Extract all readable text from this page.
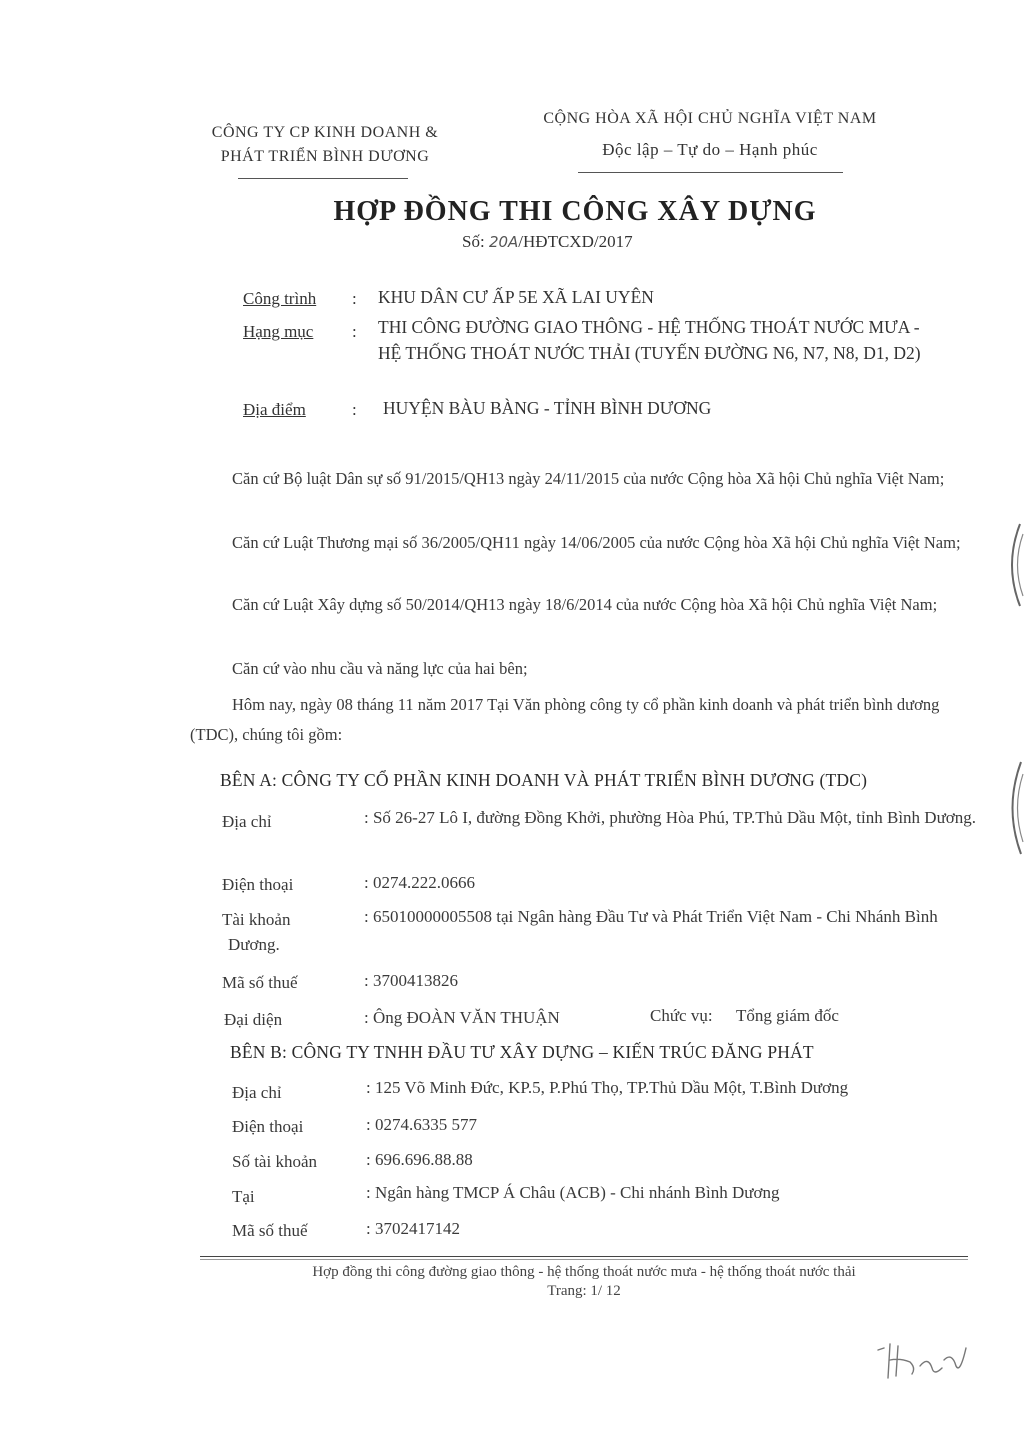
CÔNG TY CP KINH DOANH &
PHÁT TRIỂN BÌNH DƯƠNG
CỘNG HÒA XÃ HỘI CHỦ NGHĨA VIỆT NAM
Độc lập – Tự do – Hạnh phúc
HỢP ĐỒNG THI CÔNG XÂY DỰNG
Số: 20A/HĐTCXD/2017
Công trình : KHU DÂN CƯ ẤP 5E XÃ LAI UYÊN
Hạng mục : THI CÔNG ĐƯỜNG GIAO THÔNG - HỆ THỐNG THOÁT NƯỚC MƯA - HỆ THỐNG THOÁT NƯỚC THẢI (TUYẾN ĐƯỜNG N6, N7, N8, D1, D2)
Địa điểm	: HUYỆN BÀU BÀNG - TỈNH BÌNH DƯƠNG
Căn cứ Bộ luật Dân sự số 91/2015/QH13 ngày 24/11/2015 của nước Cộng hòa Xã hội Chủ nghĩa Việt Nam;
Căn cứ Luật Thương mại số 36/2005/QH11 ngày 14/06/2005 của nước Cộng hòa Xã hội Chủ nghĩa Việt Nam;
Căn cứ Luật Xây dựng số 50/2014/QH13 ngày 18/6/2014 của nước Cộng hòa Xã hội Chủ nghĩa Việt Nam;
Căn cứ vào nhu cầu và năng lực của hai bên;
Hôm nay, ngày 08 tháng 11 năm 2017 Tại Văn phòng công ty cổ phần kinh doanh và phát triển bình dương (TDC), chúng tôi gồm:
BÊN A: CÔNG TY CỔ PHẦN KINH DOANH VÀ PHÁT TRIỂN BÌNH DƯƠNG (TDC)
Địa chỉ	: Số 26-27 Lô I, đường Đồng Khởi, phường Hòa Phú, TP.Thủ Dầu Một, tỉnh Bình Dương.
Điện thoại	: 0274.222.0666
Tài khoản	: 65010000005508 tại Ngân hàng Đầu Tư và Phát Triển Việt Nam - Chi Nhánh Bình Dương.
Mã số thuế	: 3700413826
Đại diện	: Ông ĐOÀN VĂN THUẬN	Chức vụ: Tổng giám đốc
BÊN B: CÔNG TY TNHH ĐẦU TƯ XÂY DỰNG – KIẾN TRÚC ĐĂNG PHÁT
Địa chỉ	: 125 Võ Minh Đức, KP.5, P.Phú Thọ, TP.Thủ Dầu Một, T.Bình Dương
Điện thoại	: 0274.6335 577
Số tài khoản	: 696.696.88.88
Tại	: Ngân hàng TMCP Á Châu (ACB) - Chi nhánh Bình Dương
Mã số thuế	: 3702417142
Hợp đồng thi công đường giao thông - hệ thống thoát nước mưa - hệ thống thoát nước thải
Trang: 1/ 12
